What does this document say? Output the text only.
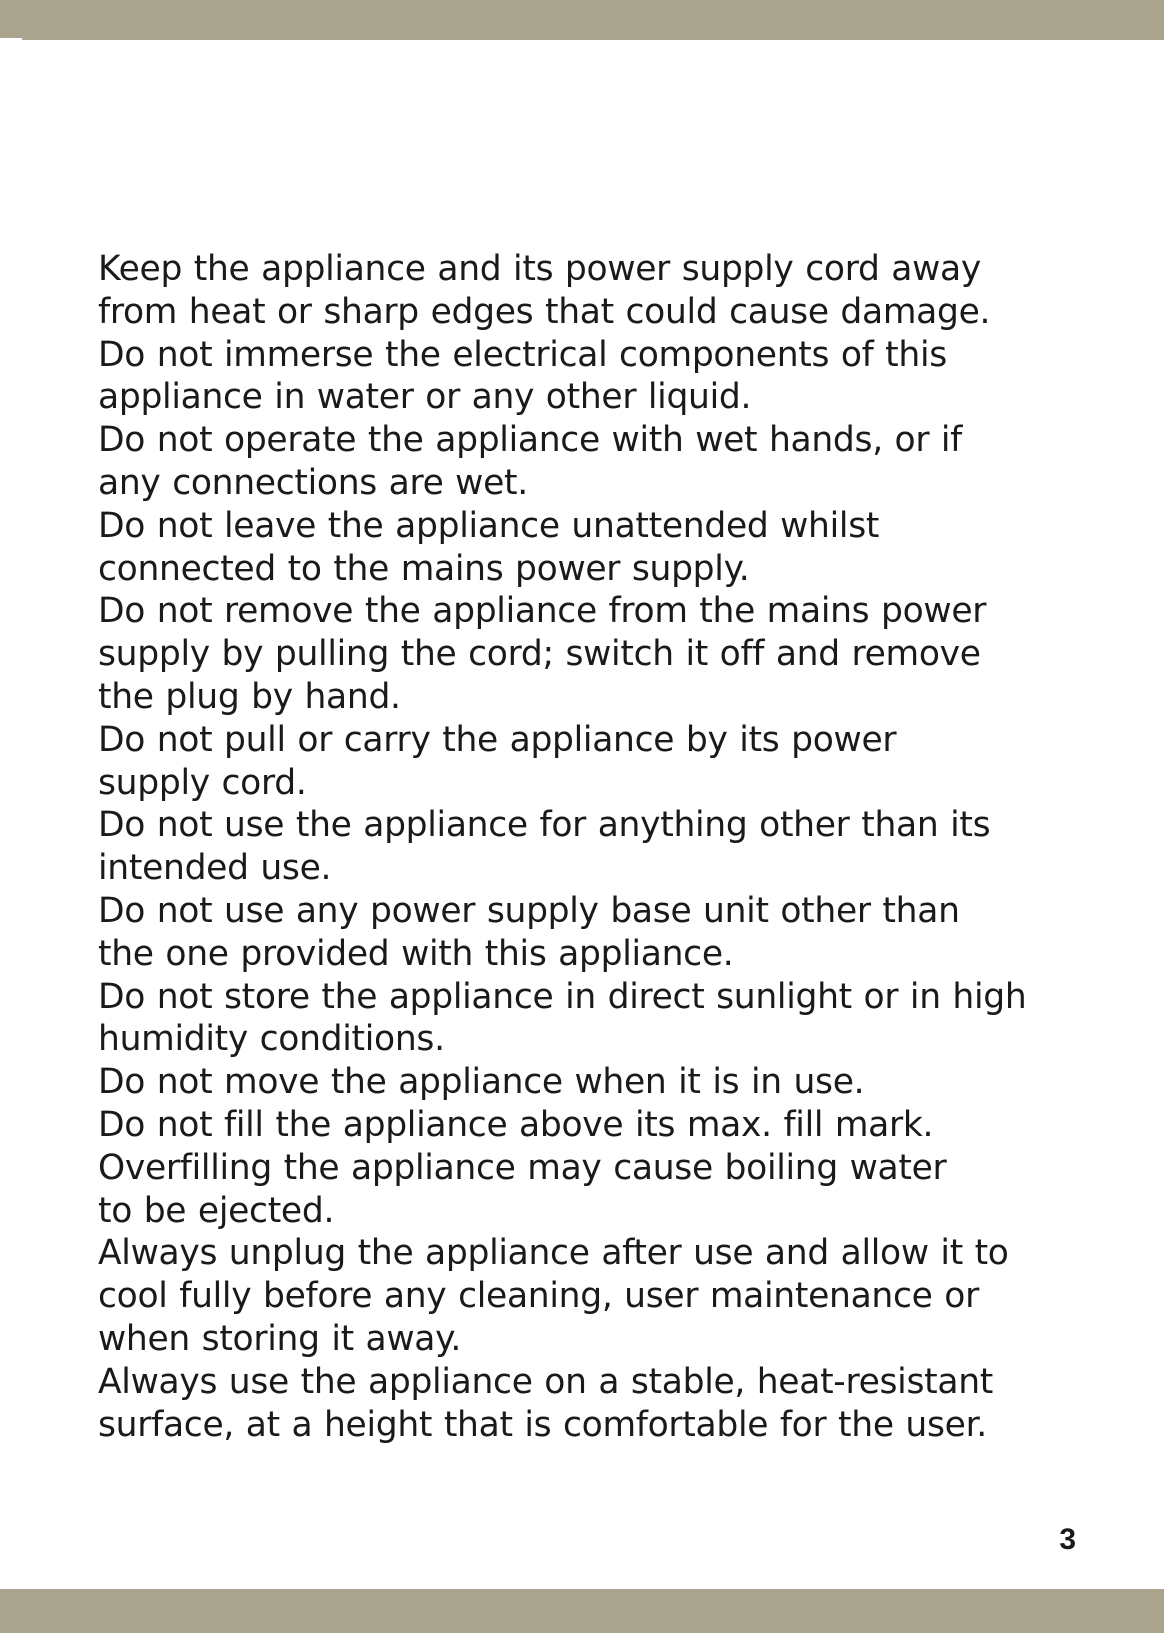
Keep the appliance and its power supply cord away
from heat or sharp edges that could cause damage.
Do not immerse the electrical components of this
appliance in water or any other liquid.
Do not operate the appliance with wet hands, or if
any connections are wet.
Do not leave the appliance unattended whilst
connected to the mains power supply.
Do not remove the appliance from the mains power
supply by pulling the cord; switch it off and remove
the plug by hand.
Do not pull or carry the appliance by its power
supply cord.
Do not use the appliance for anything other than its
intended use.
Do not use any power supply base unit other than
the one provided with this appliance.
Do not store the appliance in direct sunlight or in high
humidity conditions.
Do not move the appliance when it is in use.
Do not fill the appliance above its max. fill mark.
Overfilling the appliance may cause boiling water
to be ejected.
Always unplug the appliance after use and allow it to
cool fully before any cleaning, user maintenance or
when storing it away.
Always use the appliance on a stable, heat-resistant
surface, at a height that is comfortable for the user.
3
